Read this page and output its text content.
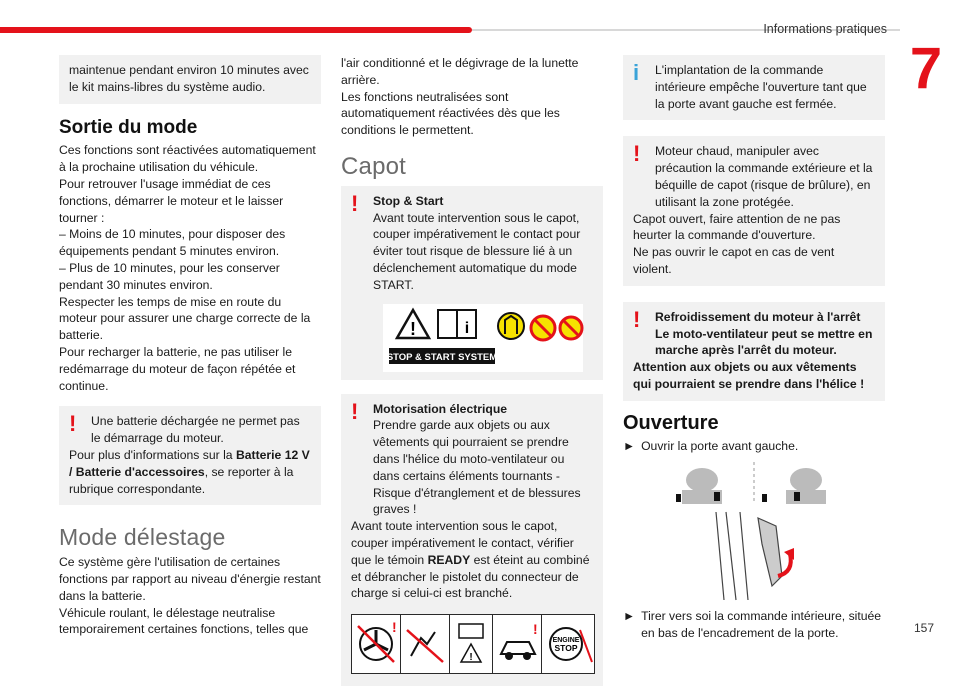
Informations pratiques
7
157

maintenue pendant environ 10 minutes avec le kit mains-libres du système audio.

Sortie du mode

Ces fonctions sont réactivées automatiquement à la prochaine utilisation du véhicule.

Pour retrouver l'usage immédiat de ces fonctions, démarrer le moteur et le laisser tourner :

– Moins de 10 minutes, pour disposer des équipements pendant 5 minutes environ.

– Plus de 10 minutes, pour les conserver pendant 30 minutes environ.

Respecter les temps de mise en route du moteur pour assurer une charge correcte de la batterie.

Pour recharger la batterie, ne pas utiliser le redémarrage du moteur de façon répétée et continue.

! Une batterie déchargée ne permet pas le démarrage du moteur.

Pour plus d'informations sur la Batterie 12 V / Batterie d'accessoires, se reporter à la rubrique correspondante.

Mode délestage

Ce système gère l'utilisation de certaines fonctions par rapport au niveau d'énergie restant dans la batterie.

Véhicule roulant, le délestage neutralise temporairement certaines fonctions, telles que

l'air conditionné et le dégivrage de la lunette arrière.

Les fonctions neutralisées sont automatiquement réactivées dès que les conditions le permettent.

Capot
! Stop & Start

Avant toute intervention sous le capot, couper impérativement le contact pour éviter tout risque de blessure lié à un déclenchement automatique du mode START.

!	i
STOP & START SYSTEM
! Motorisation électrique

Prendre garde aux objets ou aux vêtements qui pourraient se prendre dans l'hélice du moto-ventilateur ou dans certains éléments tournants - Risque d'étranglement et de blessures graves !

Avant toute intervention sous le capot, couper impérativement le contact, vérifier que le témoin READY est éteint au combiné et débrancher le pistolet du connecteur de charge si celui-ci est branché.

!
!
!
ENGINE
STOP
i L'implantation de la commande intérieure empêche l'ouverture tant que la porte avant gauche est fermée.

! Moteur chaud, manipuler avec précaution la commande extérieure et la béquille de capot (risque de brûlure), en utilisant la zone protégée.

Capot ouvert, faire attention de ne pas heurter la commande d'ouverture.

Ne pas ouvrir le capot en cas de vent violent.

! Refroidissement du moteur à l'arrêt

Le moto-ventilateur peut se mettre en marche après l'arrêt du moteur.

Attention aux objets ou aux vêtements qui pourraient se prendre dans l'hélice !

Ouverture
► Ouvrir la porte avant gauche.
► Tirer vers soi la commande intérieure, située en bas de l'encadrement de la porte.
